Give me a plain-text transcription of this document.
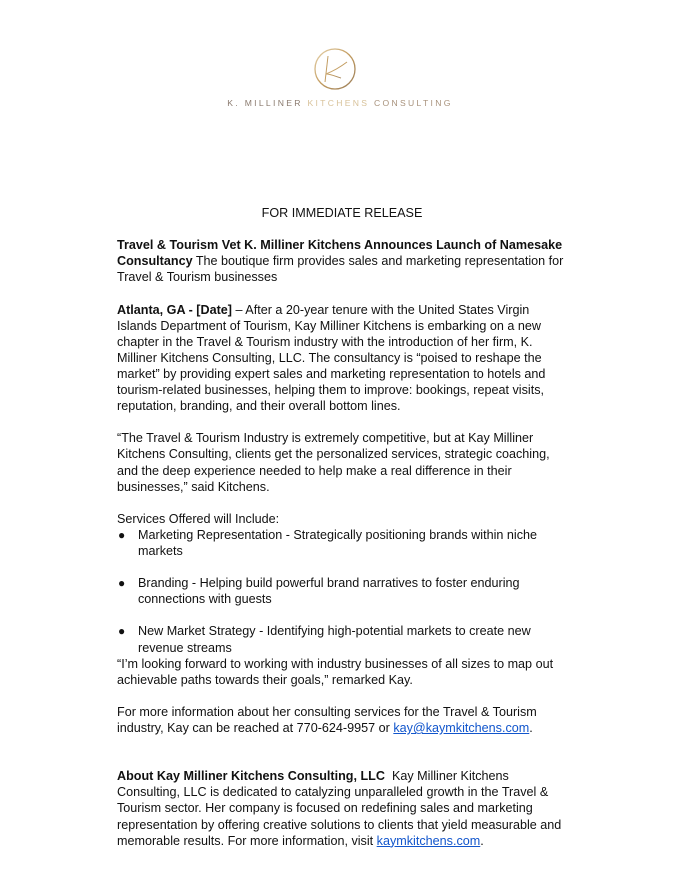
K. MILLINER KITCHENS CONSULTING

FOR IMMEDIATE RELEASE

Travel & Tourism Vet K. Milliner Kitchens Announces Launch of Namesake Consultancy The boutique firm provides sales and marketing representation for Travel & Tourism businesses

Atlanta, GA - [Date] – After a 20-year tenure with the United States Virgin Islands Department of Tourism, Kay Milliner Kitchens is embarking on a new chapter in the Travel & Tourism industry with the introduction of her firm, K. Milliner Kitchens Consulting, LLC. The consultancy is “poised to reshape the market” by providing expert sales and marketing representation to hotels and tourism-related businesses, helping them to improve: bookings, repeat visits, reputation, branding, and their overall bottom lines.

“The Travel & Tourism Industry is extremely competitive, but at Kay Milliner Kitchens Consulting, clients get the personalized services, strategic coaching, and the deep experience needed to help make a real difference in their businesses,” said Kitchens.

Services Offered will Include:

● Marketing Representation - Strategically positioning brands within niche markets
● Branding - Helping build powerful brand narratives to foster enduring connections with guests
● New Market Strategy - Identifying high-potential markets to create new revenue streams

“I’m looking forward to working with industry businesses of all sizes to map out achievable paths towards their goals,” remarked Kay.

For more information about her consulting services for the Travel & Tourism industry, Kay can be reached at 770-624-9957 or kay@kaymkitchens.com.

About Kay Milliner Kitchens Consulting, LLC  Kay Milliner Kitchens Consulting, LLC is dedicated to catalyzing unparalleled growth in the Travel & Tourism sector. Her company is focused on redefining sales and marketing representation by offering creative solutions to clients that yield measurable and memorable results. For more information, visit kaymkitchens.com.
